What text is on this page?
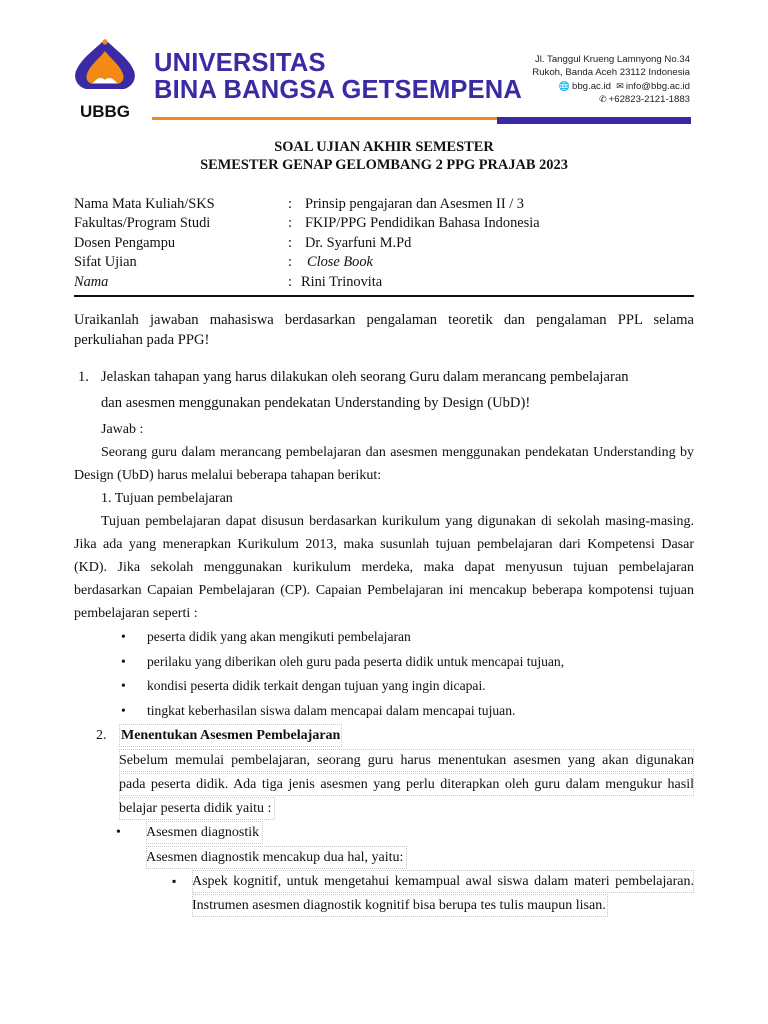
UBBG
UNIVERSITAS
BINA BANGSA GETSEMPENA
Jl. Tanggul Krueng Lamnyong No.34
Rukoh, Banda Aceh 23112 Indonesia
🌐 bbg.ac.id ✉ info@bbg.ac.id
✆ +62823-2121-1883
SOAL UJIAN AKHIR SEMESTER
SEMESTER GENAP GELOMBANG 2 PPG PRAJAB 2023
Nama Mata Kuliah/SKS	: Prinsip pengajaran dan Asesmen II / 3
Fakultas/Program Studi	: FKIP/PPG Pendidikan Bahasa Indonesia
Dosen Pengampu	: Dr. Syarfuni M.Pd
Sifat Ujian	: Close Book
Nama	: Rini Trinovita
Uraikanlah jawaban mahasiswa berdasarkan pengalaman teoretik dan pengalaman PPL selama
perkuliahan pada PPG!
1. Jelaskan tahapan yang harus dilakukan oleh seorang Guru dalam merancang pembelajaran
dan asesmen menggunakan pendekatan Understanding by Design (UbD)!
Jawab :
Seorang guru dalam merancang pembelajaran dan asesmen menggunakan pendekatan Understanding by
Design (UbD) harus melalui beberapa tahapan berikut:
1. Tujuan pembelajaran
Tujuan pembelajaran dapat disusun berdasarkan kurikulum yang digunakan di sekolah masing-masing.
Jika ada yang menerapkan Kurikulum 2013, maka susunlah tujuan pembelajaran dari Kompetensi Dasar
(KD). Jika sekolah menggunakan kurikulum merdeka, maka dapat menyusun tujuan pembelajaran
berdasarkan Capaian Pembelajaran (CP). Capaian Pembelajaran ini mencakup beberapa kompotensi tujuan
pembelajaran seperti :
• peserta didik yang akan mengikuti pembelajaran
• perilaku yang diberikan oleh guru pada peserta didik untuk mencapai tujuan,
• kondisi peserta didik terkait dengan tujuan yang ingin dicapai.
• tingkat keberhasilan siswa dalam mencapai dalam mencapai tujuan.
2. Menentukan Asesmen Pembelajaran
Sebelum memulai pembelajaran, seorang guru harus menentukan asesmen yang akan digunakan
pada peserta didik. Ada tiga jenis asesmen yang perlu diterapkan oleh guru dalam mengukur hasil
belajar peserta didik yaitu :
• Asesmen diagnostik
Asesmen diagnostik mencakup dua hal, yaitu:
▪ Aspek kognitif, untuk mengetahui kemampual awal siswa dalam materi pembelajaran.
Instrumen asesmen diagnostik kognitif bisa berupa tes tulis maupun lisan.
